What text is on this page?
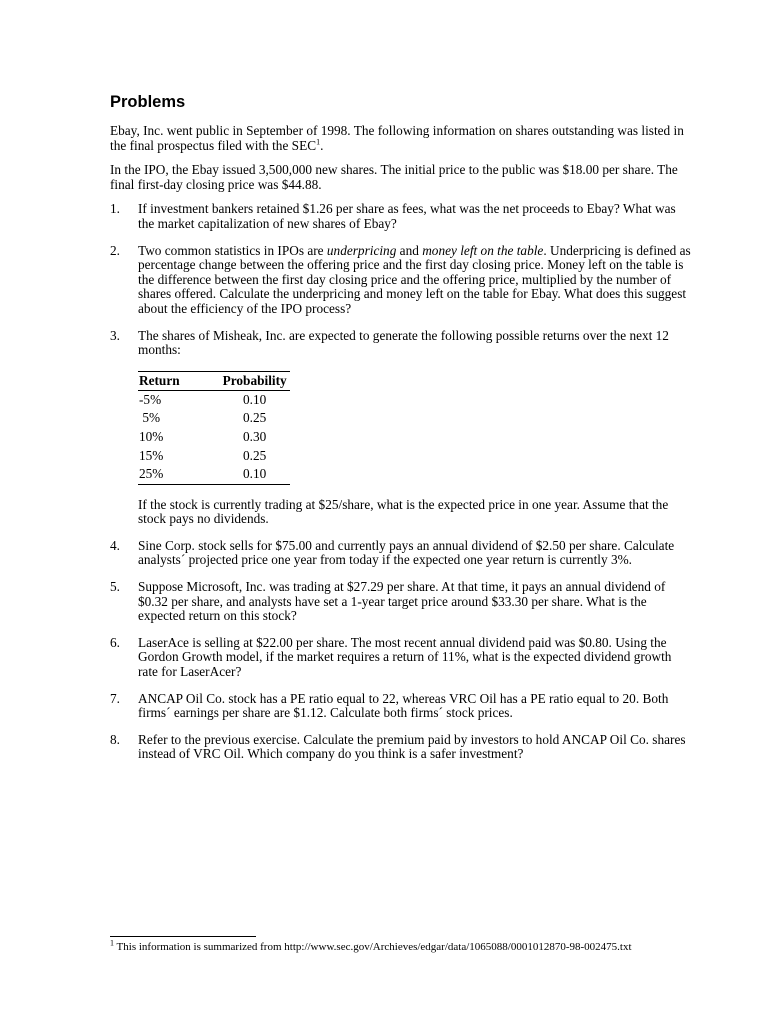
Problems

Ebay, Inc. went public in September of 1998. The following information on shares outstanding was listed in the final prospectus filed with the SEC$^1$.

In the IPO, the Ebay issued 3,500,000 new shares. The initial price to the public was $18.00 per share. The final first-day closing price was $44.88.

1. If investment bankers retained $1.26 per share as fees, what was the net proceeds to Ebay? What was the market capitalization of new shares of Ebay?
2. Two common statistics in IPOs are underpricing and money left on the table. Underpricing is defined as percentage change between the offering price and the first day closing price. Money left on the table is the difference between the first day closing price and the offering price, multiplied by the number of shares offered. Calculate the underpricing and money left on the table for Ebay. What does this suggest about the efficiency of the IPO process?
3. The shares of Misheak, Inc. are expected to generate the following possible returns over the next 12 months:
Return	Probability
-5%	0.10
5%	0.25
10%	0.30
15%	0.25
25%	0.10
If the stock is currently trading at $25/share, what is the expected price in one year. Assume that the stock pays no dividends.
4. Sine Corp. stock sells for $75.00 and currently pays an annual dividend of $2.50 per share. Calculate analysts´ projected price one year from today if the expected one year return is currently 3%.
5. Suppose Microsoft, Inc. was trading at $27.29 per share. At that time, it pays an annual dividend of $0.32 per share, and analysts have set a 1-year target price around $33.30 per share. What is the expected return on this stock?
6. LaserAce is selling at $22.00 per share. The most recent annual dividend paid was $0.80. Using the Gordon Growth model, if the market requires a return of 11%, what is the expected dividend growth rate for LaserAcer?
7. ANCAP Oil Co. stock has a PE ratio equal to 22, whereas VRC Oil has a PE ratio equal to 20. Both firms´ earnings per share are $1.12. Calculate both firms´ stock prices.
8. Refer to the previous exercise. Calculate the premium paid by investors to hold ANCAP Oil Co. shares instead of VRC Oil. Which company do you think is a safer investment?
$^1$ This information is summarized from http://www.sec.gov/Archieves/edgar/data/1065088/0001012870-98-002475.txt
